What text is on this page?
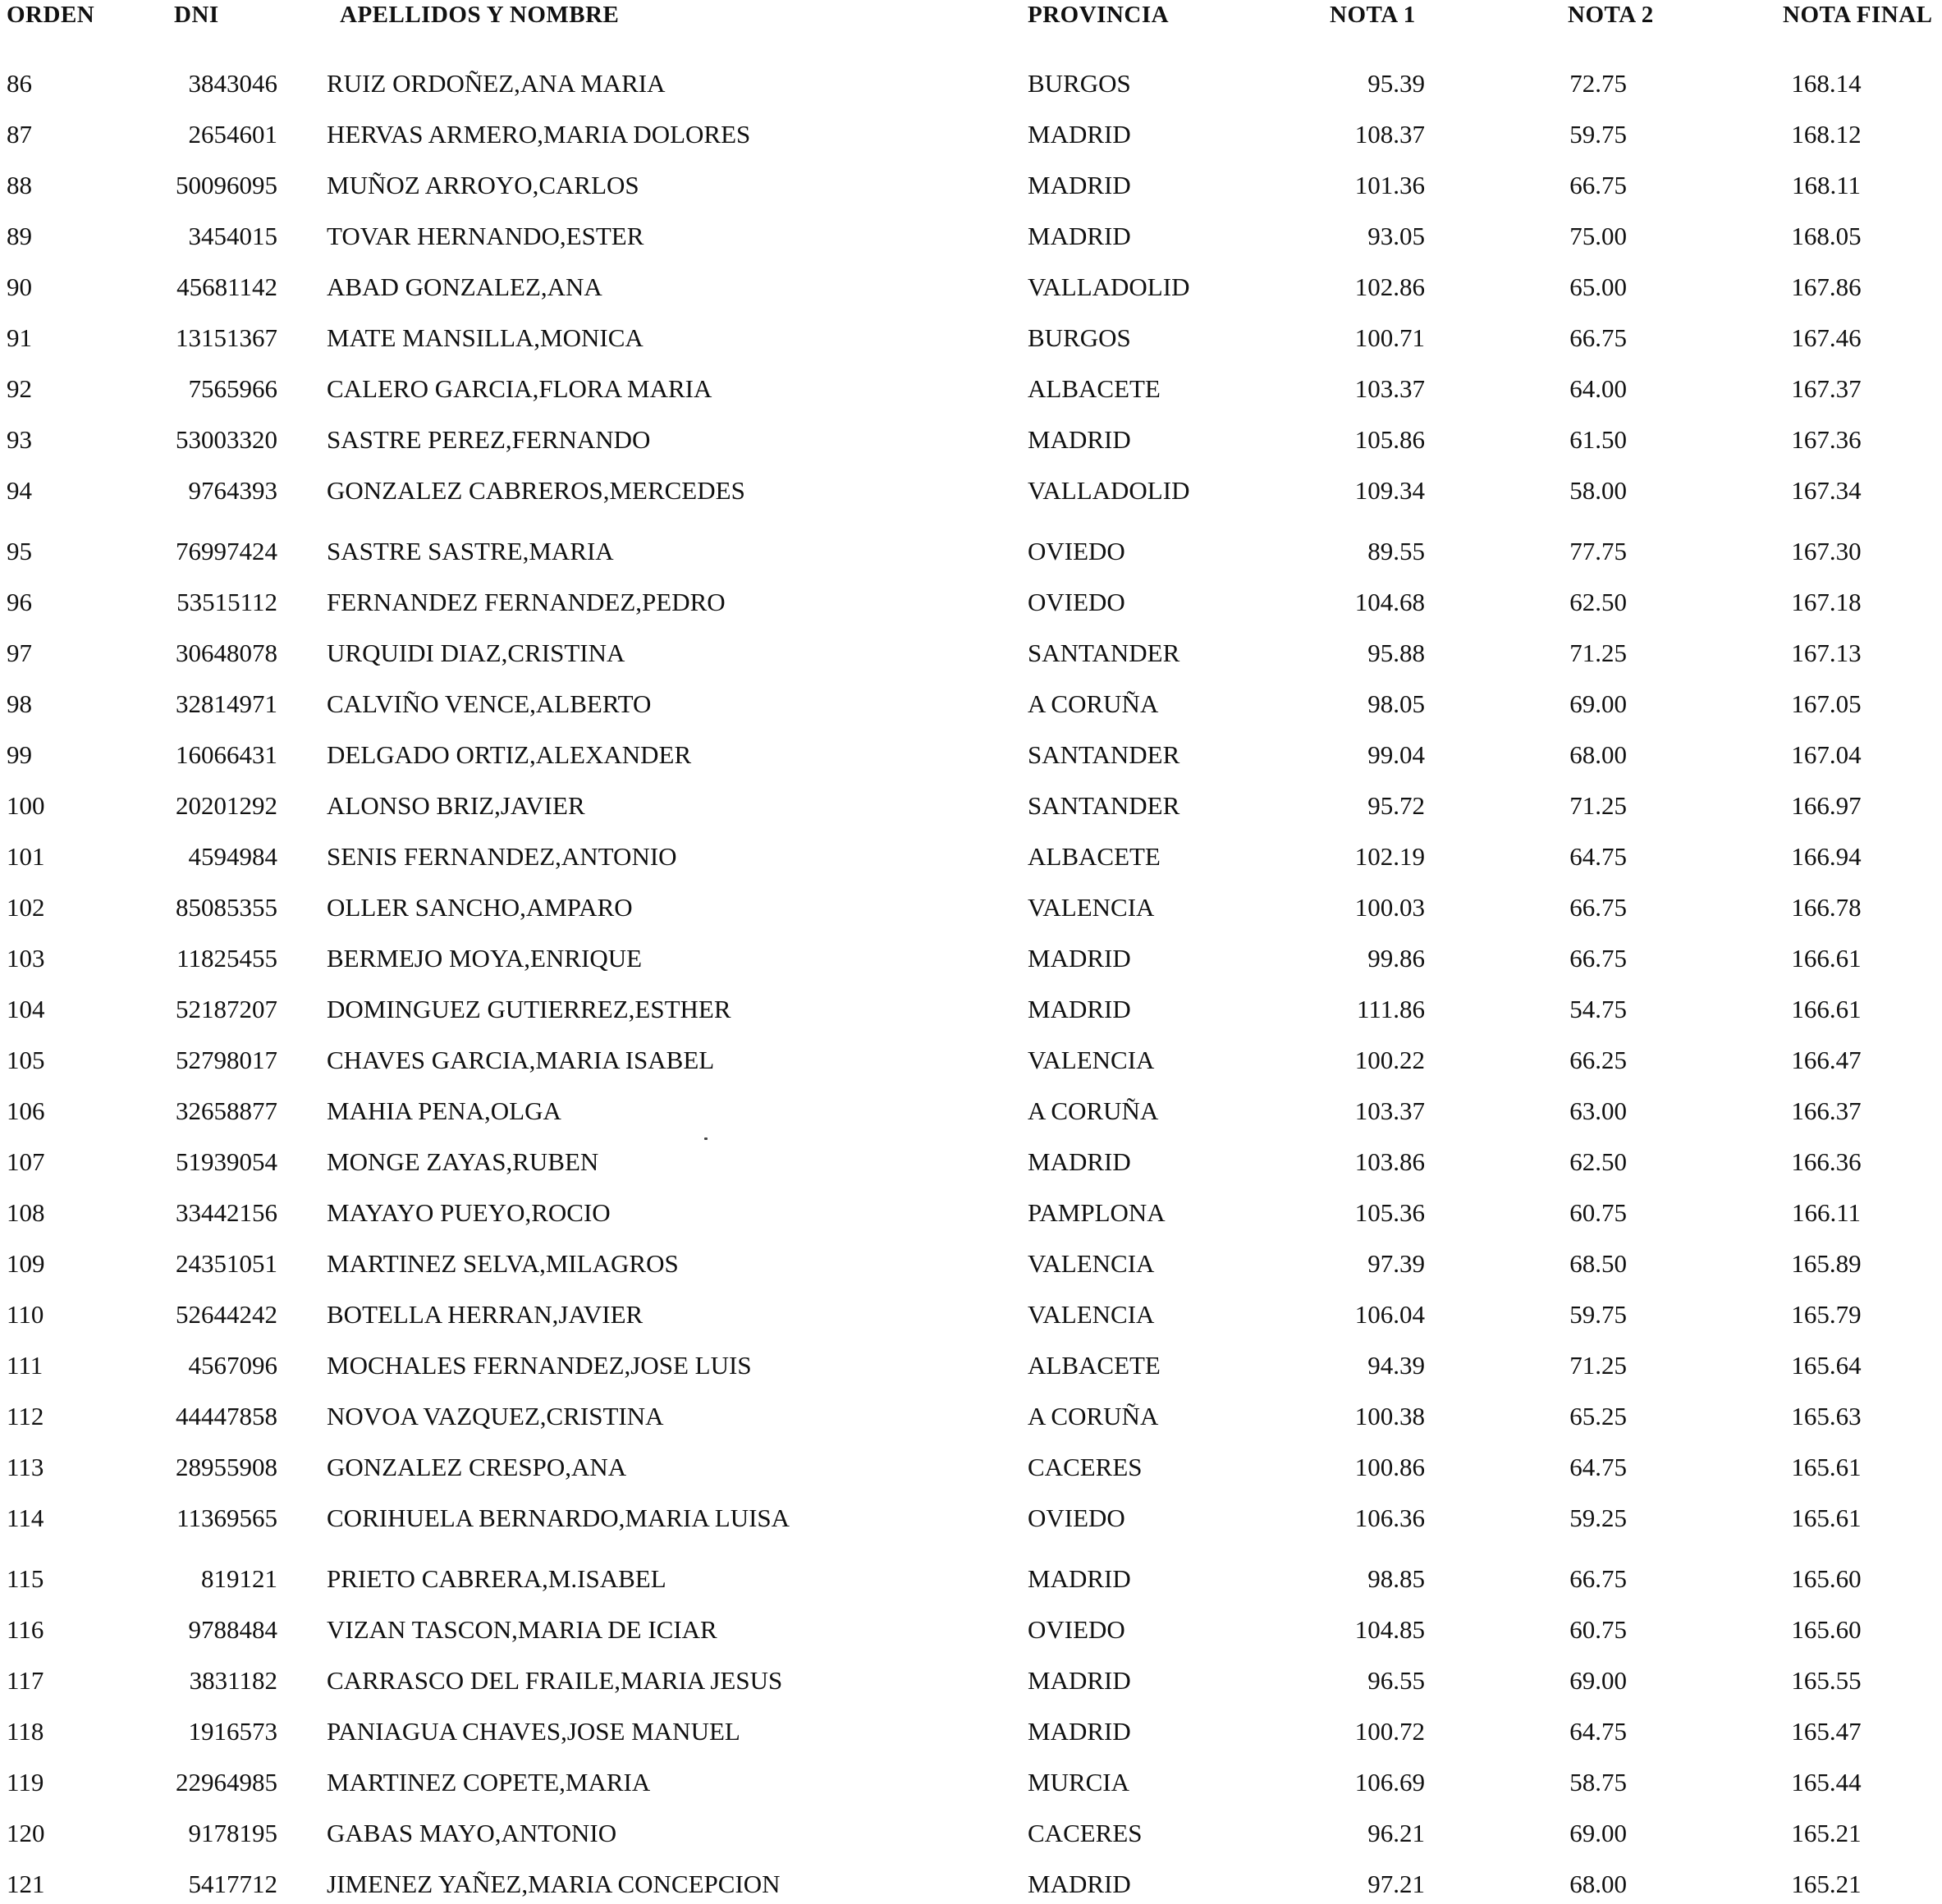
ORDEN	DNI	APELLIDOS Y NOMBRE	PROVINCIA	NOTA 1	NOTA 2	NOTA FINAL
86	3843046 RUIZ ORDOÑEZ,ANA MARIA	BURGOS	95.39	72.75	168.14
87	2654601 HERVAS ARMERO,MARIA DOLORES	MADRID	108.37	59.75	168.12
88	50096095 MUÑOZ ARROYO,CARLOS	MADRID	101.36	66.75	168.11
89	3454015 TOVAR HERNANDO,ESTER	MADRID	93.05	75.00	168.05
90	45681142 ABAD GONZALEZ,ANA	VALLADOLID	102.86	65.00	167.86
91	13151367 MATE MANSILLA,MONICA	BURGOS	100.71	66.75	167.46
92	7565966 CALERO GARCIA,FLORA MARIA	ALBACETE	103.37	64.00	167.37
93	53003320 SASTRE PEREZ,FERNANDO	MADRID	105.86	61.50	167.36
94	9764393 GONZALEZ CABREROS,MERCEDES	VALLADOLID	109.34	58.00	167.34
95	76997424 SASTRE SASTRE,MARIA	OVIEDO	89.55	77.75	167.30
96	53515112 FERNANDEZ FERNANDEZ,PEDRO	OVIEDO	104.68	62.50	167.18
97	30648078 URQUIDI DIAZ,CRISTINA	SANTANDER	95.88	71.25	167.13
98	32814971 CALVIÑO VENCE,ALBERTO	A CORUÑA	98.05	69.00	167.05
99	16066431 DELGADO ORTIZ,ALEXANDER	SANTANDER	99.04	68.00	167.04
100	20201292 ALONSO BRIZ,JAVIER	SANTANDER	95.72	71.25	166.97
101	4594984 SENIS FERNANDEZ,ANTONIO	ALBACETE	102.19	64.75	166.94
102	85085355 OLLER SANCHO,AMPARO	VALENCIA	100.03	66.75	166.78
103	11825455 BERMEJO MOYA,ENRIQUE	MADRID	99.86	66.75	166.61
104	52187207 DOMINGUEZ GUTIERREZ,ESTHER	MADRID	111.86	54.75	166.61
105	52798017 CHAVES GARCIA,MARIA ISABEL	VALENCIA	100.22	66.25	166.47
106	32658877 MAHIA PENA,OLGA	A CORUÑA	103.37	63.00	166.37
107	51939054 MONGE ZAYAS,RUBEN	MADRID	103.86	62.50	166.36
108	33442156 MAYAYO PUEYO,ROCIO	PAMPLONA	105.36	60.75	166.11
109	24351051 MARTINEZ SELVA,MILAGROS	VALENCIA	97.39	68.50	165.89
110	52644242 BOTELLA HERRAN,JAVIER	VALENCIA	106.04	59.75	165.79
111	4567096 MOCHALES FERNANDEZ,JOSE LUIS	ALBACETE	94.39	71.25	165.64
112	44447858 NOVOA VAZQUEZ,CRISTINA	A CORUÑA	100.38	65.25	165.63
113	28955908 GONZALEZ CRESPO,ANA	CACERES	100.86	64.75	165.61
114	11369565 CORIHUELA BERNARDO,MARIA LUISA	OVIEDO	106.36	59.25	165.61
115	819121 PRIETO CABRERA,M.ISABEL	MADRID	98.85	66.75	165.60
116	9788484 VIZAN TASCON,MARIA DE ICIAR	OVIEDO	104.85	60.75	165.60
117	3831182 CARRASCO DEL FRAILE,MARIA JESUS	MADRID	96.55	69.00	165.55
118	1916573 PANIAGUA CHAVES,JOSE MANUEL	MADRID	100.72	64.75	165.47
119	22964985 MARTINEZ COPETE,MARIA	MURCIA	106.69	58.75	165.44
120	9178195 GABAS MAYO,ANTONIO	CACERES	96.21	69.00	165.21
121	5417712 JIMENEZ YAÑEZ,MARIA CONCEPCION	MADRID	97.21	68.00	165.21
